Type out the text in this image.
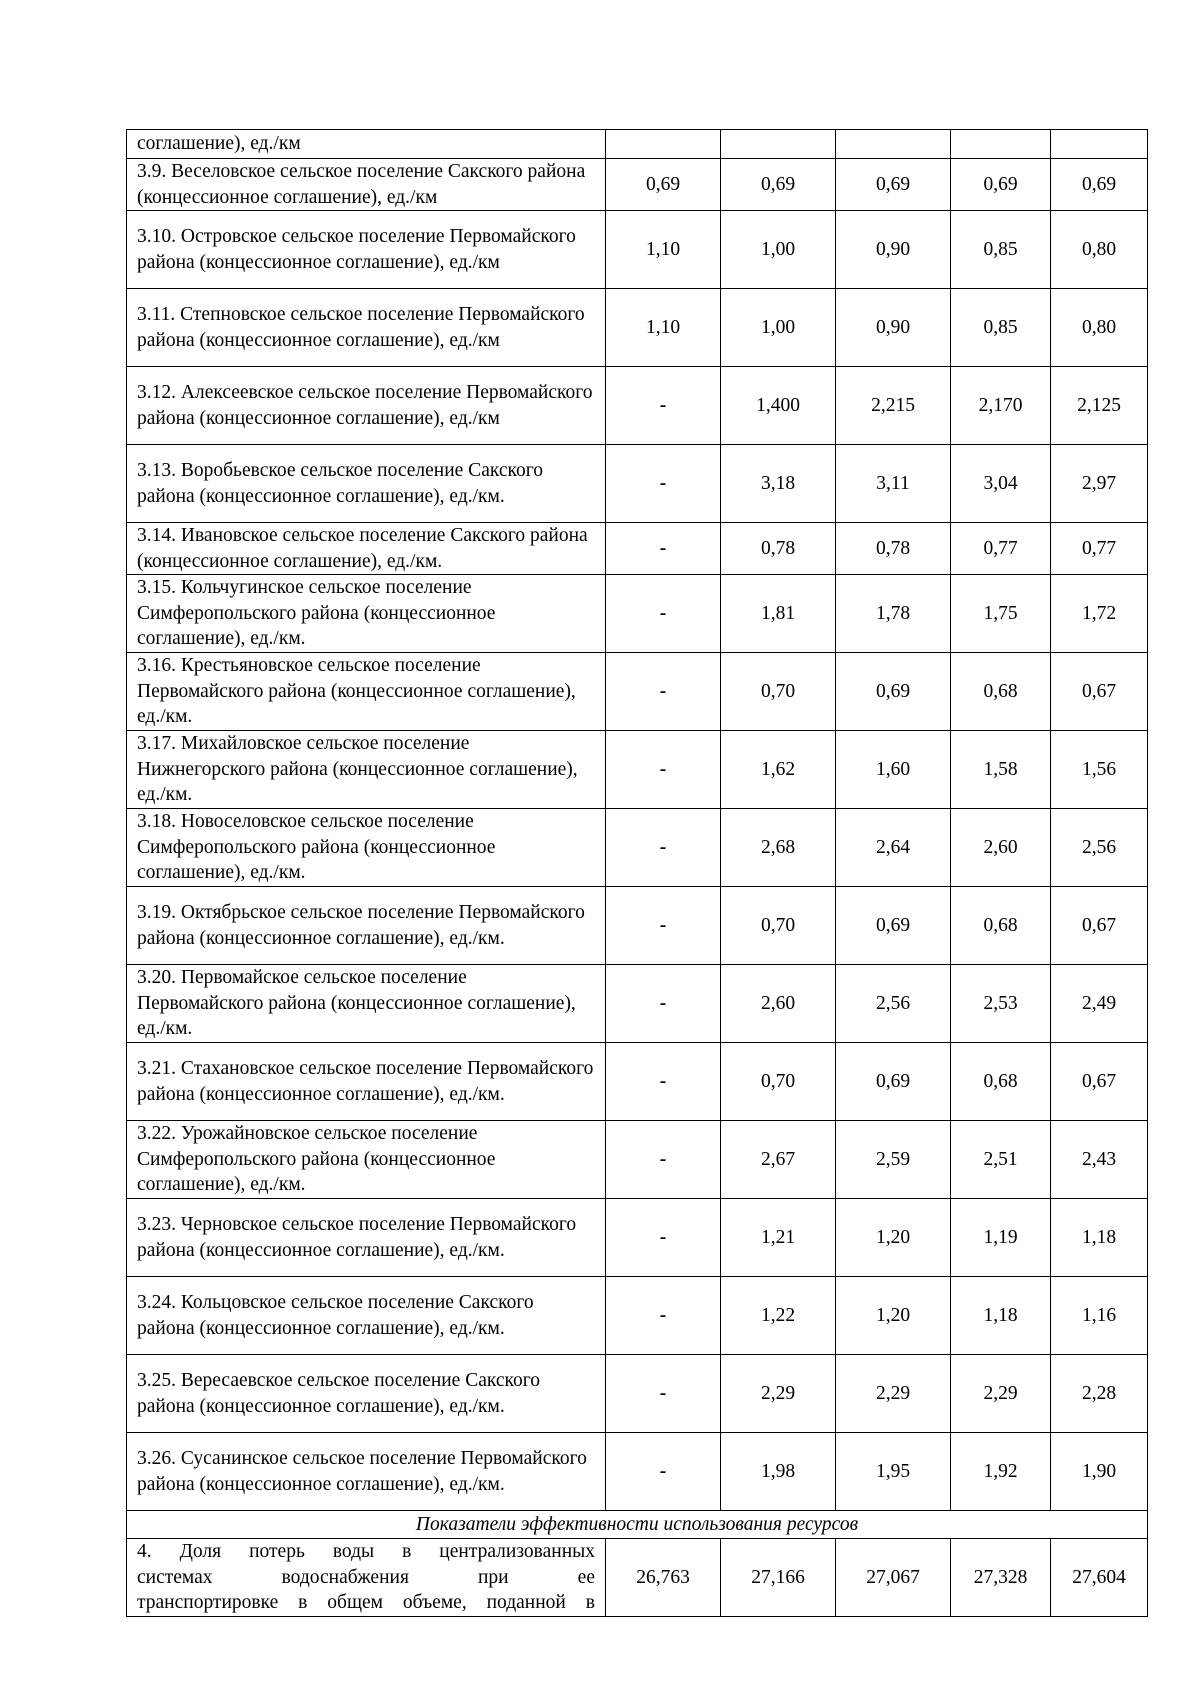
соглашение), ед./км					
3.9. Веселовское сельское поселение Сакского района (концессионное соглашение), ед./км	0,69	0,69	0,69	0,69	0,69
3.10. Островское сельское поселение Первомайского района (концессионное соглашение), ед./км	1,10	1,00	0,90	0,85	0,80
3.11. Степновское сельское поселение Первомайского района (концессионное соглашение), ед./км	1,10	1,00	0,90	0,85	0,80
3.12. Алексеевское сельское поселение Первомайского района (концессионное соглашение), ед./км	-	1,400	2,215	2,170	2,125
3.13. Воробьевское сельское поселение Сакского района (концессионное соглашение), ед./км.	-	3,18	3,11	3,04	2,97
3.14. Ивановское сельское поселение Сакского района (концессионное соглашение), ед./км.	-	0,78	0,78	0,77	0,77
3.15. Кольчугинское сельское поселение Симферопольского района (концессионное соглашение), ед./км.	-	1,81	1,78	1,75	1,72
3.16. Крестьяновское сельское поселение Первомайского района (концессионное соглашение), ед./км.	-	0,70	0,69	0,68	0,67
3.17. Михайловское сельское поселение Нижнегорского района (концессионное соглашение), ед./км.	-	1,62	1,60	1,58	1,56
3.18. Новоселовское сельское поселение Симферопольского района (концессионное соглашение), ед./км.	-	2,68	2,64	2,60	2,56
3.19. Октябрьское сельское поселение Первомайского района (концессионное соглашение), ед./км.	-	0,70	0,69	0,68	0,67
3.20. Первомайское сельское поселение Первомайского района (концессионное соглашение), ед./км.	-	2,60	2,56	2,53	2,49
3.21. Стахановское сельское поселение Первомайского района (концессионное соглашение), ед./км.	-	0,70	0,69	0,68	0,67
3.22. Урожайновское сельское поселение Симферопольского района (концессионное соглашение), ед./км.	-	2,67	2,59	2,51	2,43
3.23. Черновское сельское поселение Первомайского района (концессионное соглашение), ед./км.	-	1,21	1,20	1,19	1,18
3.24. Кольцовское сельское поселение Сакского района (концессионное соглашение), ед./км.	-	1,22	1,20	1,18	1,16
3.25. Вересаевское сельское поселение Сакского района (концессионное соглашение), ед./км.	-	2,29	2,29	2,29	2,28
3.26. Сусанинское сельское поселение Первомайского района (концессионное соглашение), ед./км.	-	1,98	1,95	1,92	1,90
Показатели эффективности использования ресурсов					

4. Доля потерь воды в централизованных
системах водоснабжения при ее
транспортировке в общем объеме, поданной в	26,763	27,166	27,067	27,328	27,604
